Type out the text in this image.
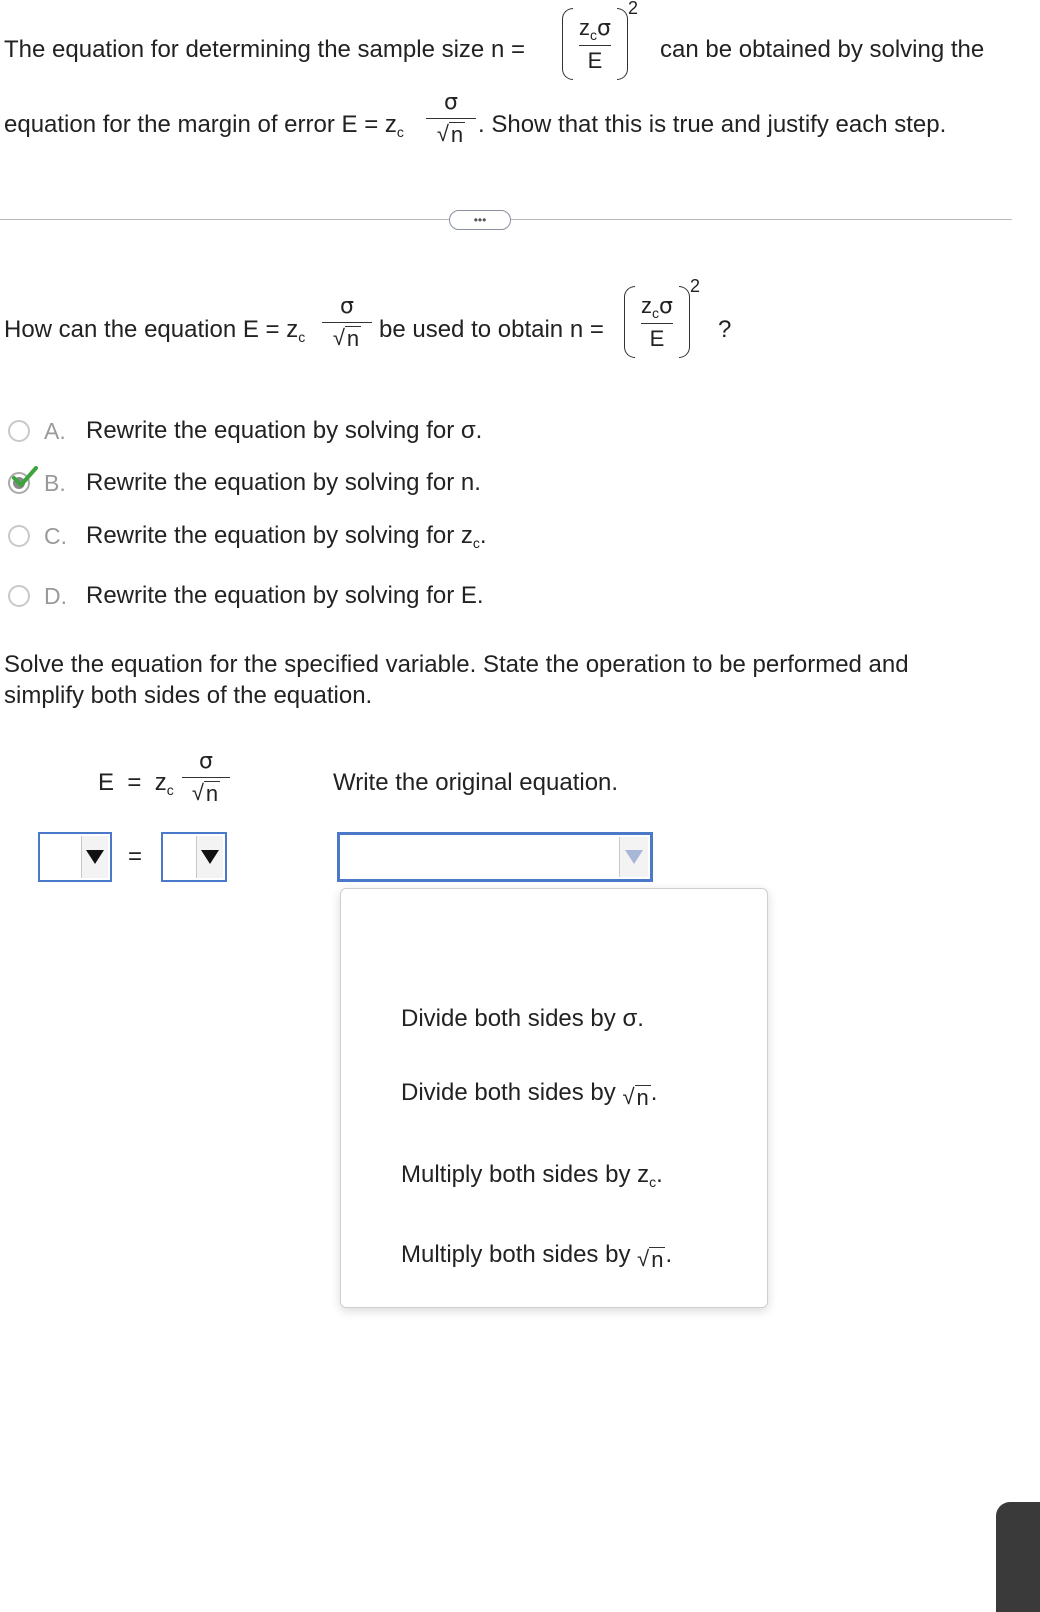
The equation for determining the sample size $n = \frac{z_c\sigma}{E}$
2
can be obtained by solving the
equation for the margin of error $E = z_c \frac{\sigma}{√ n}$ . Show that this is true and justify each step.
•••
How can the equation $E = z_c \frac{\sigma}{√ n}$ be used to obtain $n = \frac{z_c\sigma}{E}$
2
?
A. Rewrite the equation by solving for σ.
B. Rewrite the equation by solving for n.
C. Rewrite the equation by solving for $z_c$.
D. Rewrite the equation by solving for E.
Solve the equation for the specified variable. State the operation to be performed and
simplify both sides of the equation.
$E = z_c \frac{\sigma}{√ n}$	Write the original equation.
=
Divide both sides by σ.
Divide both sides by √ n .
Multiply both sides by $z_c$.
Multiply both sides by √ n .
